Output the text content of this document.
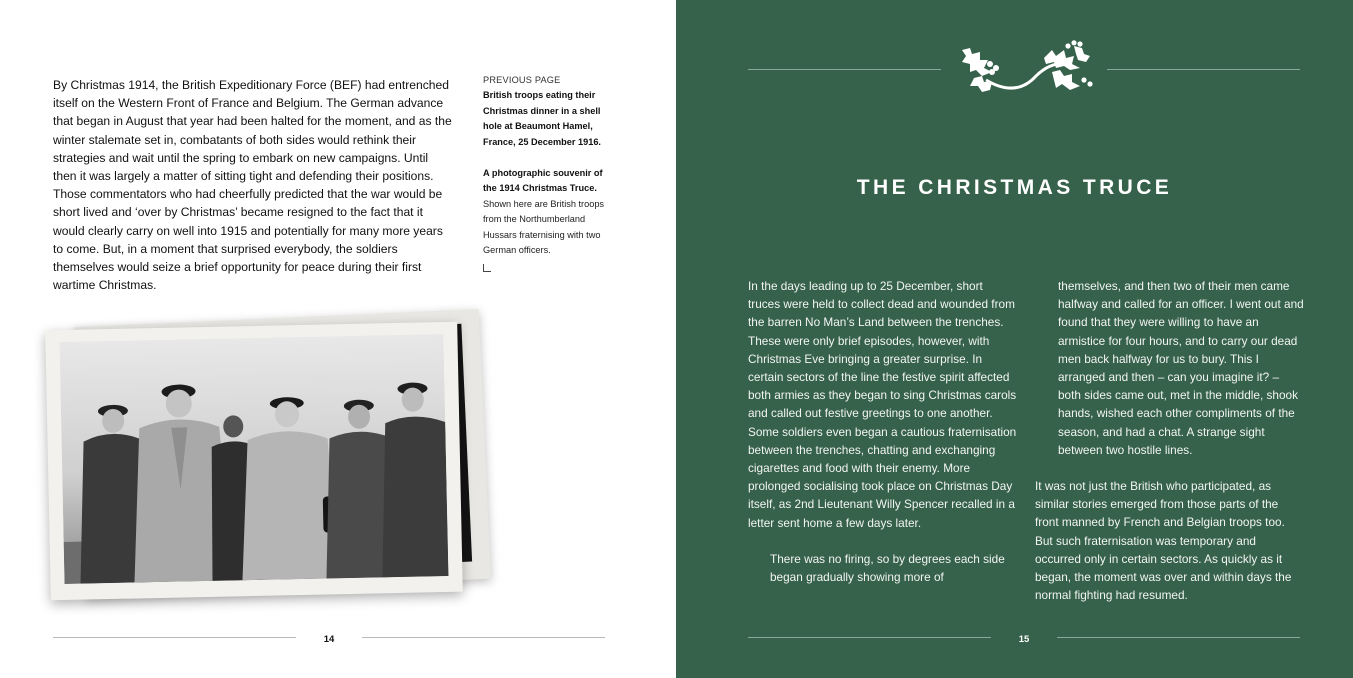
By Christmas 1914, the British Expeditionary Force (BEF) had entrenched itself on the Western Front of France and Belgium. The German advance that began in August that year had been halted for the moment, and as the winter stalemate set in, combatants of both sides would rethink their strategies and wait until the spring to embark on new campaigns. Until then it was largely a matter of sitting tight and defending their positions. Those commentators who had cheerfully predicted that the war would be short lived and ‘over by Christmas’ became resigned to the fact that it would clearly carry on well into 1915 and potentially for many more years to come. But, in a moment that surprised everybody, the soldiers themselves would seize a brief opportunity for peace during their first wartime Christmas.

PREVIOUS PAGE
British troops eating their Christmas dinner in a shell hole at Beaumont Hamel, France, 25 December 1916.
A photographic souvenir of the 1914 Christmas Truce. Shown here are British troops from the Northumberland Hussars fraternising with two German officers.
14
THE CHRISTMAS TRUCE

In the days leading up to 25 December, short truces were held to collect dead and wounded from the barren No Man’s Land between the trenches. These were only brief episodes, however, with Christmas Eve bringing a greater surprise. In certain sectors of the line the festive spirit affected both armies as they began to sing Christmas carols and called out festive greetings to one another. Some soldiers even began a cautious fraternisation between the trenches, chatting and exchanging cigarettes and food with their enemy. More prolonged socialising took place on Christmas Day itself, as 2nd Lieutenant Willy Spencer recalled in a letter sent home a few days later.

There was no firing, so by degrees each side began gradually showing more of

themselves, and then two of their men came halfway and called for an officer. I went out and found that they were willing to have an armistice for four hours, and to carry our dead men back halfway for us to bury. This I arranged and then – can you imagine it? – both sides came out, met in the middle, shook hands, wished each other compliments of the season, and had a chat. A strange sight between two hostile lines.

It was not just the British who participated, as similar stories emerged from those parts of the front manned by French and Belgian troops too. But such fraternisation was temporary and occurred only in certain sectors. As quickly as it began, the moment was over and within days the normal fighting had resumed.

15
